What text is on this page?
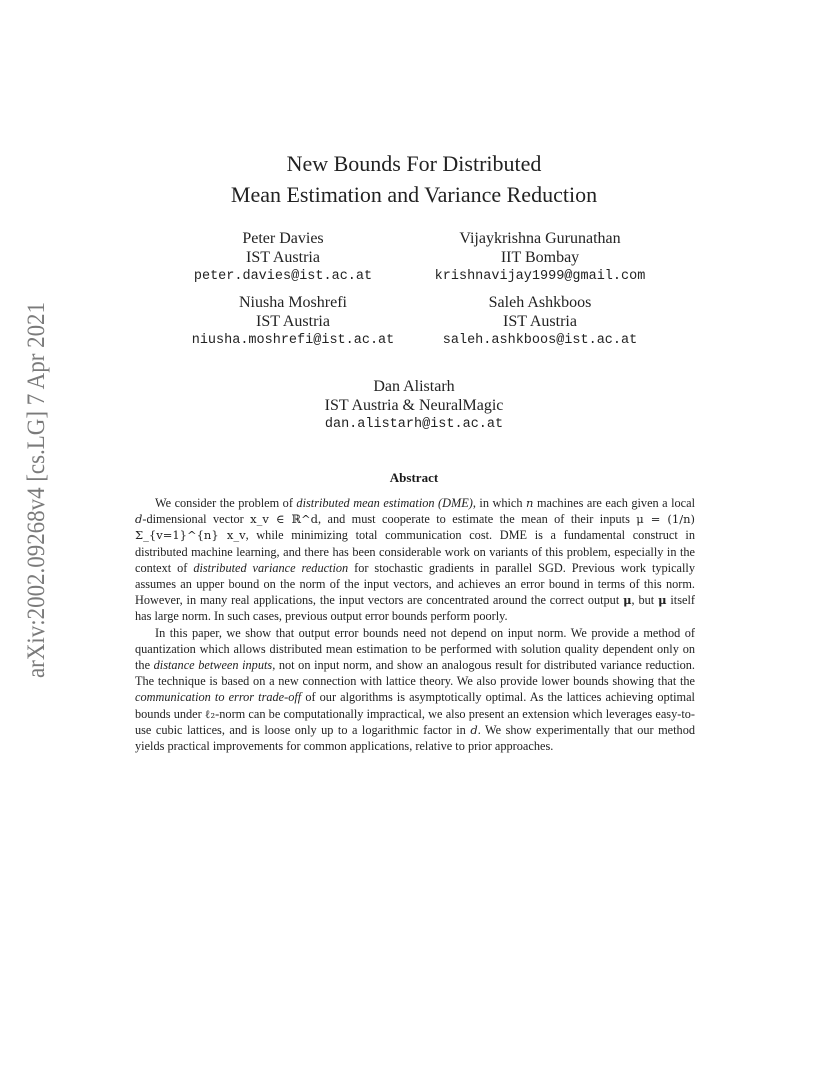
arXiv:2002.09268v4 [cs.LG] 7 Apr 2021
New Bounds For Distributed
Mean Estimation and Variance Reduction
Peter Davies
IST Austria
peter.davies@ist.ac.at
Vijaykrishna Gurunathan
IIT Bombay
krishnavijay1999@gmail.com
Niusha Moshrefi
IST Austria
niusha.moshrefi@ist.ac.at
Saleh Ashkboos
IST Austria
saleh.ashkboos@ist.ac.at
Dan Alistarh
IST Austria & NeuralMagic
dan.alistarh@ist.ac.at
Abstract

We consider the problem of distributed mean estimation (DME), in which n machines are each given a local d-dimensional vector x_v ∈ ℝ^d, and must cooperate to estimate the mean of their inputs μ = (1/n) Σ_{v=1}^{n} x_v, while minimizing total communication cost. DME is a fundamental construct in distributed machine learning, and there has been considerable work on variants of this problem, especially in the context of distributed variance reduction for stochastic gradients in parallel SGD. Previous work typically assumes an upper bound on the norm of the input vectors, and achieves an error bound in terms of this norm. However, in many real applications, the input vectors are concentrated around the correct output μ, but μ itself has large norm. In such cases, previous output error bounds perform poorly.

In this paper, we show that output error bounds need not depend on input norm. We provide a method of quantization which allows distributed mean estimation to be performed with solution quality dependent only on the distance between inputs, not on input norm, and show an analogous result for distributed variance reduction. The technique is based on a new connection with lattice theory. We also provide lower bounds showing that the communication to error trade-off of our algorithms is asymptotically optimal. As the lattices achieving optimal bounds under ℓ₂-norm can be computationally impractical, we also present an extension which leverages easy-to-use cubic lattices, and is loose only up to a logarithmic factor in d. We show experimentally that our method yields practical improvements for common applications, relative to prior approaches.
